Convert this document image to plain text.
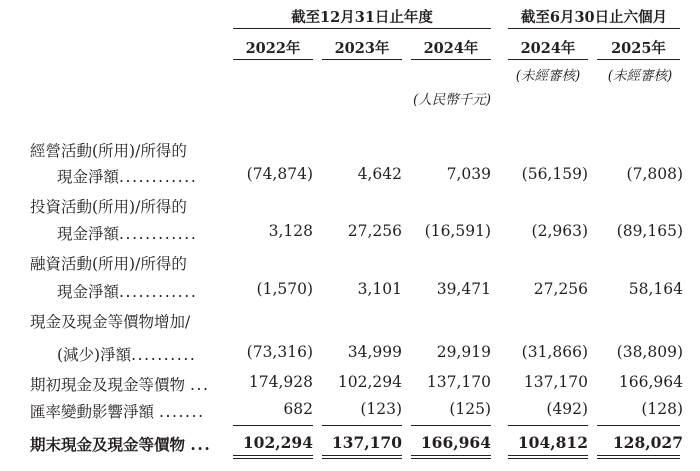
截至12月31日止年度	截至6月30日止六個月
2022年	2023年	2024年	2024年	2025年
(未經審核)	(未經審核)
(人民幣千元)
經營活動(所用)/所得的
現金淨額............	(74,874)	4,642	7,039	(56,159)	(7,808)
投資活動(所用)/所得的
現金淨額............	3,128	27,256	(16,591)	(2,963)	(89,165)
融資活動(所用)/所得的
現金淨額............	(1,570)	3,101	39,471	27,256	58,164
現金及現金等價物增加/
(減少)淨額..........	(73,316)	34,999	29,919	(31,866)	(38,809)
期初現金及現金等價物 ...	174,928	102,294	137,170	137,170	166,964
匯率變動影響淨額 .......	682	(123)	(125)	(492)	(128)
期末現金及現金等價物 ...	102,294	137,170	166,964	104,812	128,027
